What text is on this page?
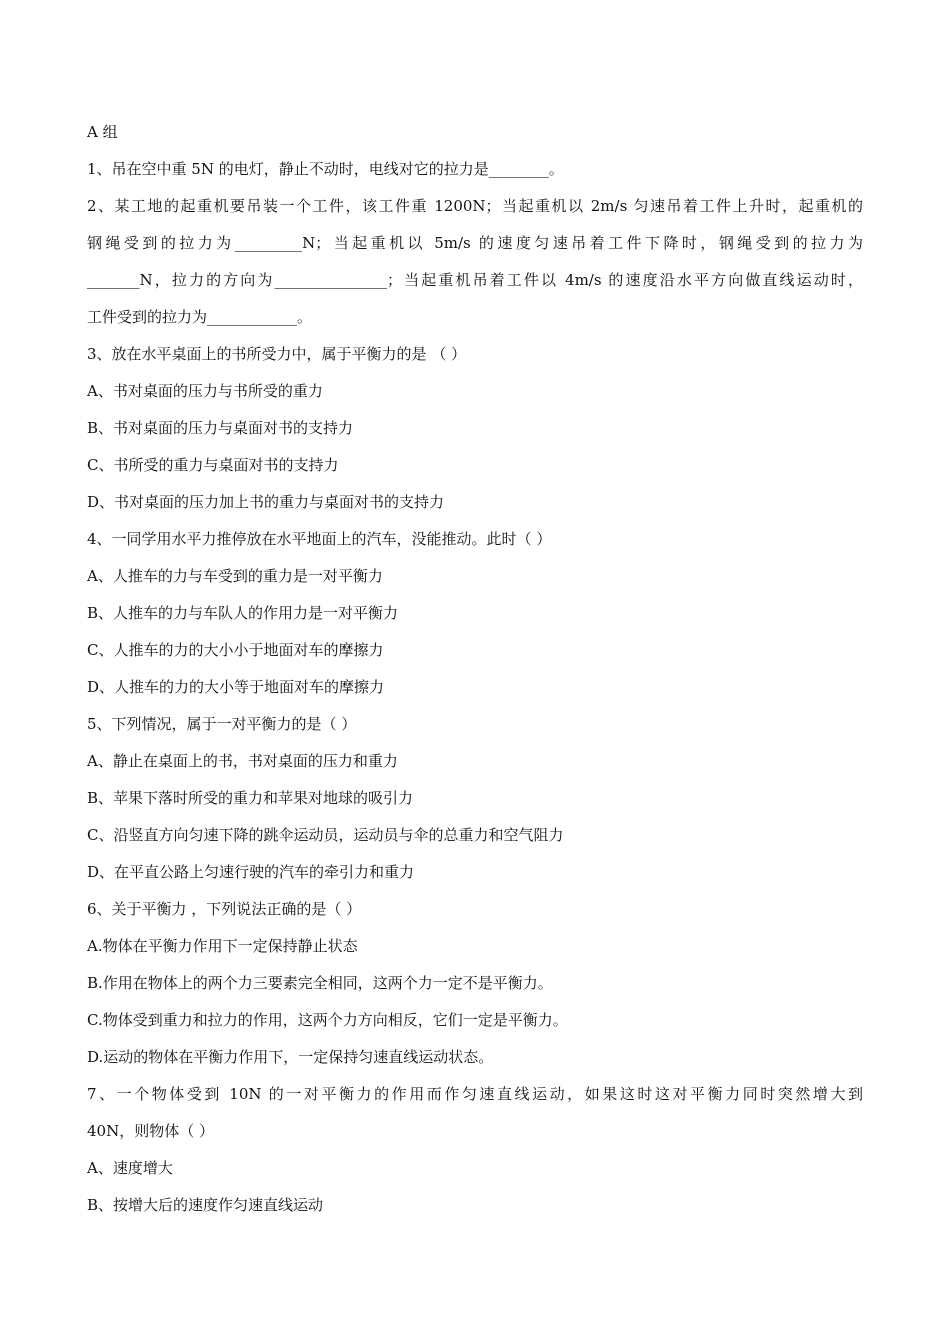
A 组
1、吊在空中重 5N 的电灯，静止不动时，电线对它的拉力是________。
2、某工地的起重机要吊装一个工件，该工件重 1200N；当起重机以 2m/s 匀速吊着工件上升时，起重机的
钢绳受到的拉力为_________N；当起重机以 5m/s 的速度匀速吊着工件下降时，钢绳受到的拉力为
_______N，拉力的方向为_______________；当起重机吊着工件以 4m/s 的速度沿水平方向做直线运动时，
工件受到的拉力为____________。
3、放在水平桌面上的书所受力中，属于平衡力的是 （ ）
A、书对桌面的压力与书所受的重力
B、书对桌面的压力与桌面对书的支持力
C、书所受的重力与桌面对书的支持力
D、书对桌面的压力加上书的重力与桌面对书的支持力
4、一同学用水平力推停放在水平地面上的汽车，没能推动。此时（ ）
A、人推车的力与车受到的重力是一对平衡力
B、人推车的力与车队人的作用力是一对平衡力
C、人推车的力的大小小于地面对车的摩擦力
D、人推车的力的大小等于地面对车的摩擦力
5、下列情况，属于一对平衡力的是（ ）
A、静止在桌面上的书，书对桌面的压力和重力
B、苹果下落时所受的重力和苹果对地球的吸引力
C、沿竖直方向匀速下降的跳伞运动员，运动员与伞的总重力和空气阻力
D、在平直公路上匀速行驶的汽车的牵引力和重力
6、关于平衡力 ，下列说法正确的是（ ）
A.物体在平衡力作用下一定保持静止状态
B.作用在物体上的两个力三要素完全相同，这两个力一定不是平衡力。
C.物体受到重力和拉力的作用，这两个力方向相反，它们一定是平衡力。
D.运动的物体在平衡力作用下，一定保持匀速直线运动状态。
7、一个物体受到 10N 的一对平衡力的作用而作匀速直线运动，如果这时这对平衡力同时突然增大到
40N，则物体（ ）
A、速度增大
B、按增大后的速度作匀速直线运动
